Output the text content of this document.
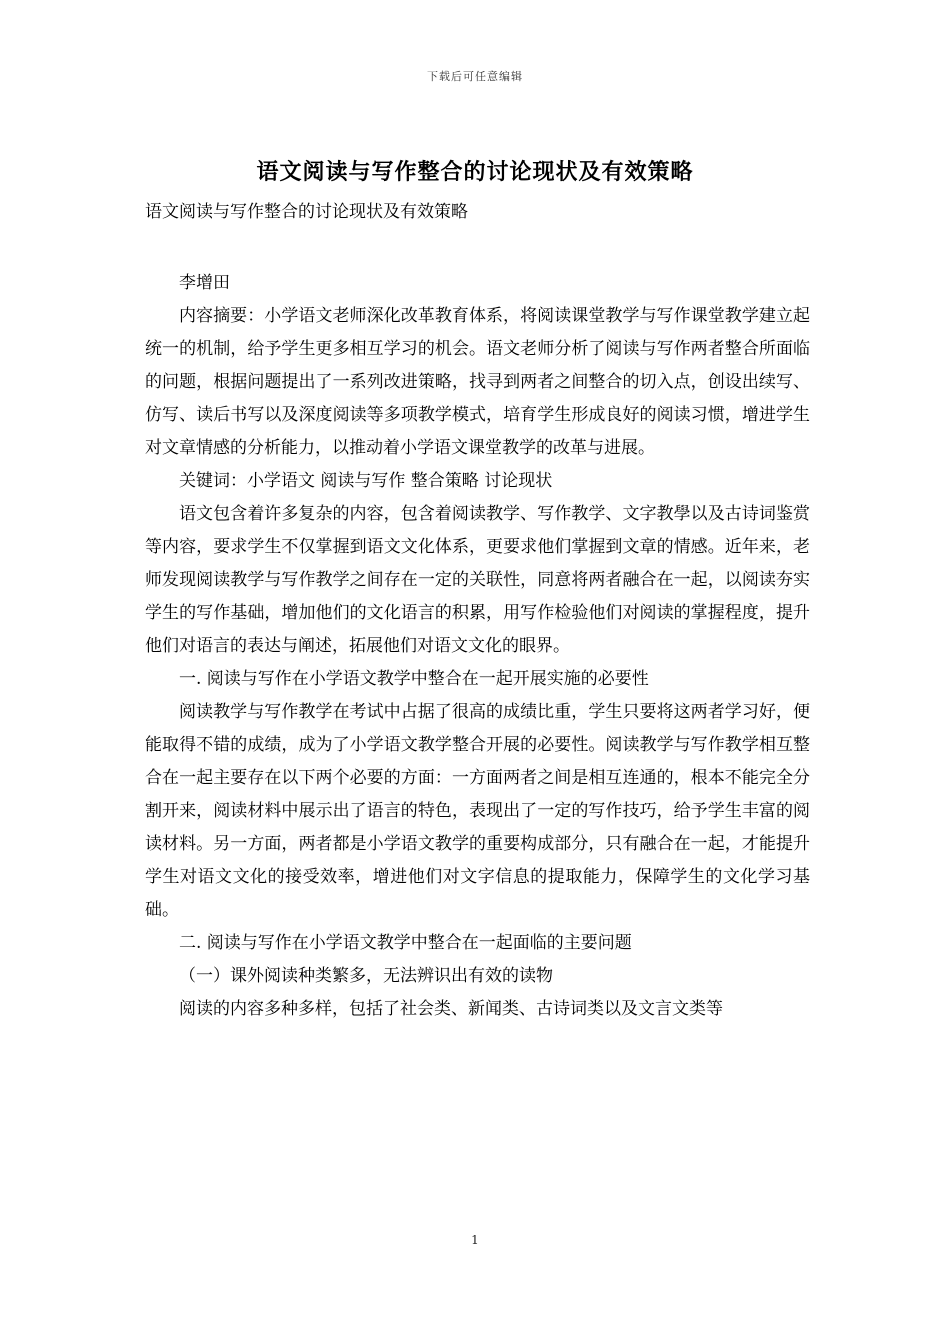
下载后可任意编辑
语文阅读与写作整合的讨论现状及有效策略

语文阅读与写作整合的讨论现状及有效策略

李增田

内容摘要：小学语文老师深化改革教育体系，将阅读课堂教学与写作课堂教学建立起统一的机制，给予学生更多相互学习的机会。语文老师分析了阅读与写作两者整合所面临的问题，根据问题提出了一系列改进策略，找寻到两者之间整合的切入点，创设出续写、仿写、读后书写以及深度阅读等多项教学模式，培育学生形成良好的阅读习惯，增进学生对文章情感的分析能力，以推动着小学语文课堂教学的改革与进展。

关键词：小学语文 阅读与写作 整合策略 讨论现状

语文包含着许多复杂的内容，包含着阅读教学、写作教学、文字教學以及古诗词鉴赏等内容，要求学生不仅掌握到语文文化体系，更要求他们掌握到文章的情感。近年来，老师发现阅读教学与写作教学之间存在一定的关联性，同意将两者融合在一起，以阅读夯实学生的写作基础，增加他们的文化语言的积累，用写作检验他们对阅读的掌握程度，提升他们对语言的表达与阐述，拓展他们对语文文化的眼界。

一. 阅读与写作在小学语文教学中整合在一起开展实施的必要性

阅读教学与写作教学在考试中占据了很高的成绩比重，学生只要将这两者学习好，便能取得不错的成绩，成为了小学语文教学整合开展的必要性。阅读教学与写作教学相互整合在一起主要存在以下两个必要的方面：一方面两者之间是相互连通的，根本不能完全分割开来，阅读材料中展示出了语言的特色，表现出了一定的写作技巧，给予学生丰富的阅读材料。另一方面，两者都是小学语文教学的重要构成部分，只有融合在一起，才能提升学生对语文文化的接受效率，增进他们对文字信息的提取能力，保障学生的文化学习基础。

二. 阅读与写作在小学语文教学中整合在一起面临的主要问题

（一）课外阅读种类繁多，无法辨识出有效的读物

阅读的内容多种多样，包括了社会类、新闻类、古诗词类以及文言文类等

1
